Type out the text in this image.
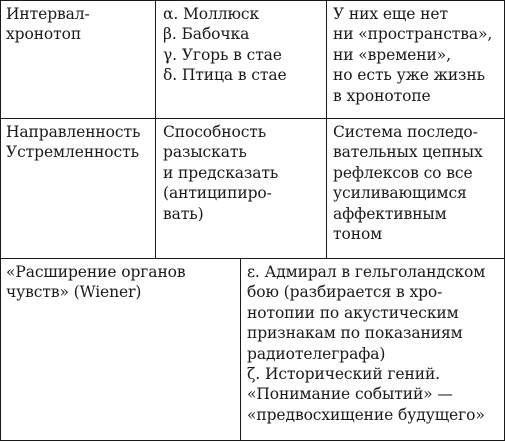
Интервал-
хронотоп
α. Моллюск
β. Бабочка
γ. Угорь в стае
δ. Птица в стае
У них еще нет
ни «пространства»,
ни «времени»,
но есть уже жизнь
в хронотопе
Направленность
Устремленность
Способность
разыскать
и предсказать
(антиципиро-
вать)
Система последо-
вательных цепных
рефлексов со все
усиливающимся
аффективным
тоном
«Расширение органов
чувств» (Wiener)
ε. Адмирал в гельголандском
бою (разбирается в хро-
нотопии по акустическим
признакам по показаниям
радиотелеграфа)
ζ. Исторический гений.
«Понимание событий» —
«предвосхищение будущего»
